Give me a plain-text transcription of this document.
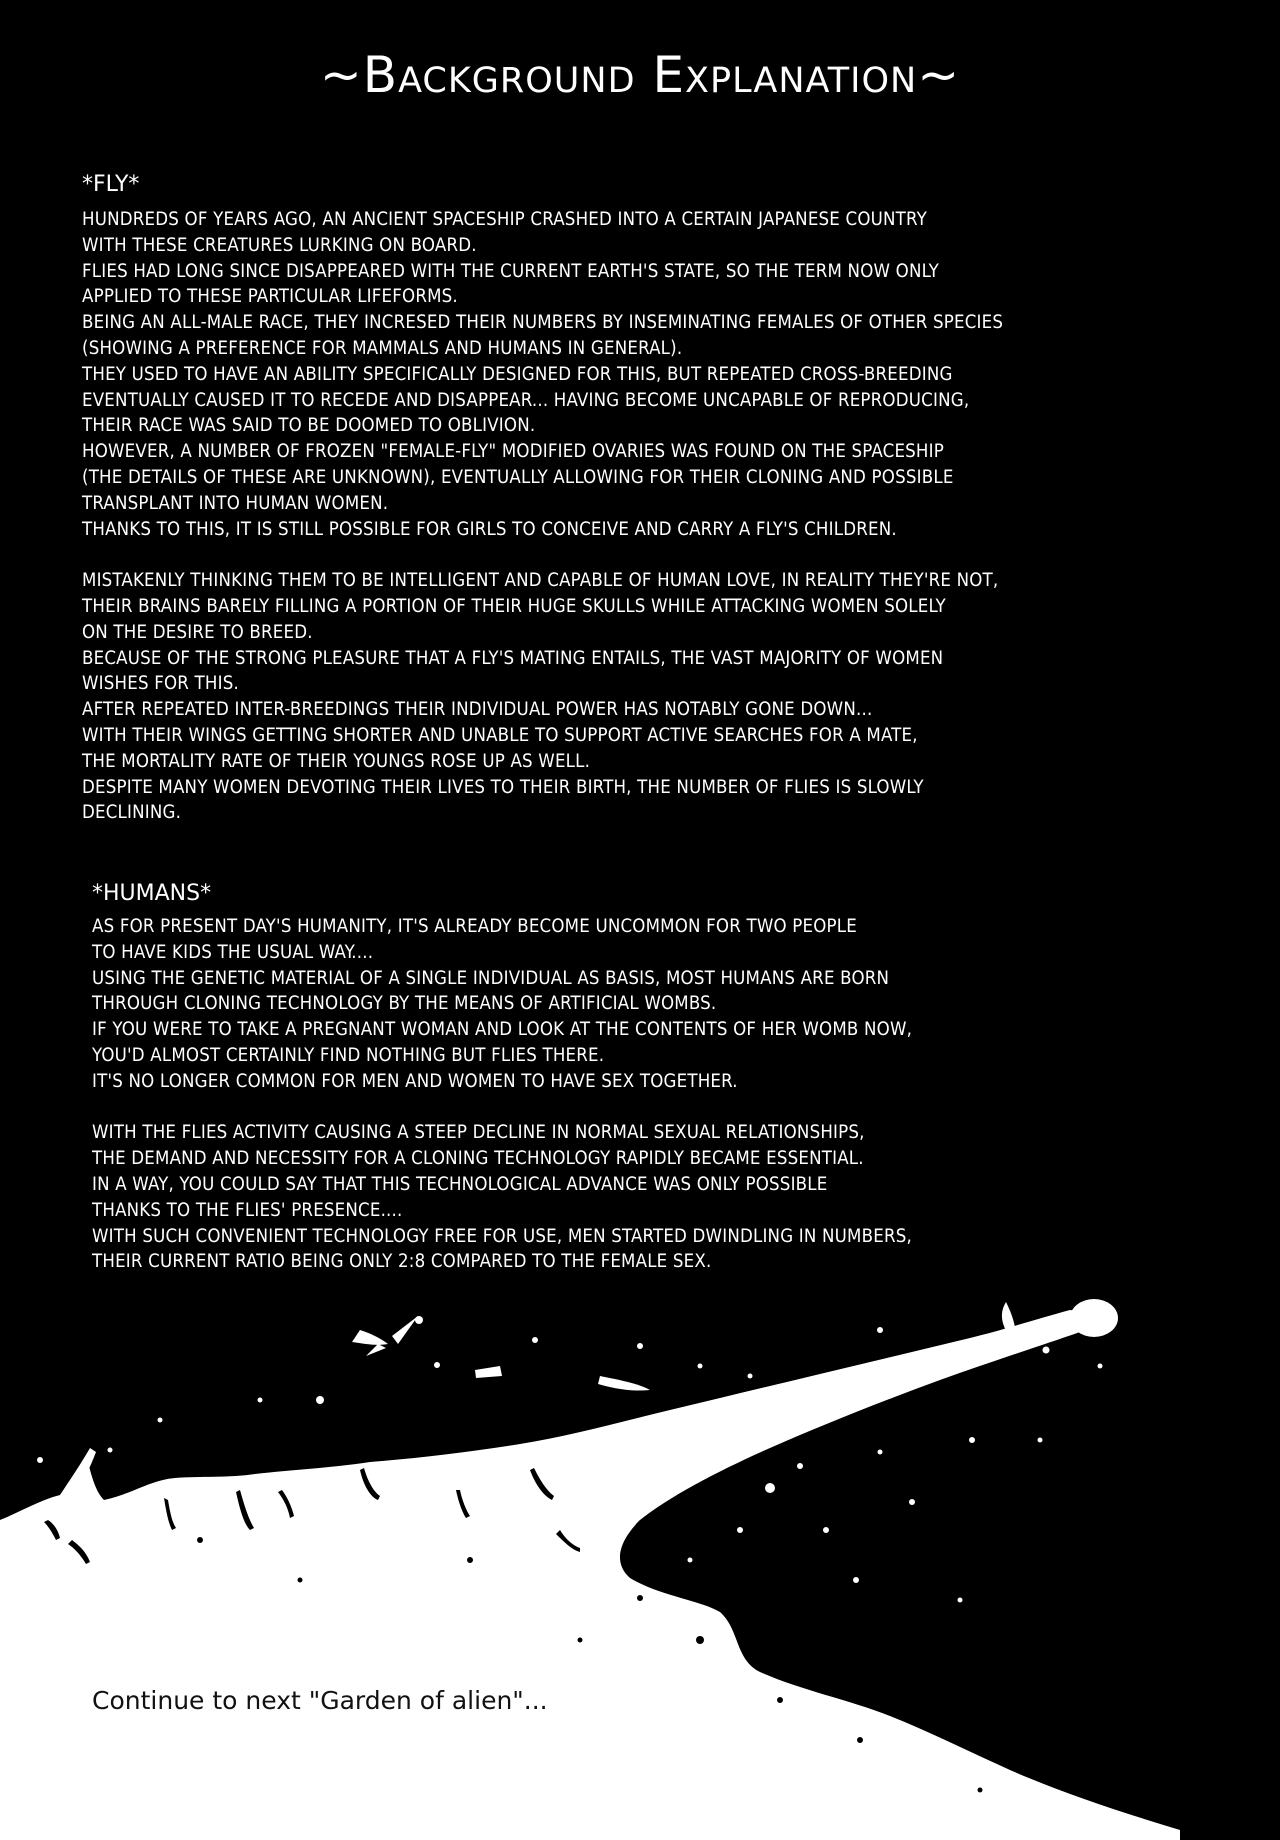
~Background Explanation~
*FLY*
HUNDREDS OF YEARS AGO, AN ANCIENT SPACESHIP CRASHED INTO A CERTAIN JAPANESE COUNTRY
WITH THESE CREATURES LURKING ON BOARD.
FLIES HAD LONG SINCE DISAPPEARED WITH THE CURRENT EARTH'S STATE, SO THE TERM NOW ONLY
APPLIED TO THESE PARTICULAR LIFEFORMS.
BEING AN ALL-MALE RACE, THEY INCRESED THEIR NUMBERS BY INSEMINATING FEMALES OF OTHER SPECIES
(SHOWING A PREFERENCE FOR MAMMALS AND HUMANS IN GENERAL).
THEY USED TO HAVE AN ABILITY SPECIFICALLY DESIGNED FOR THIS, BUT REPEATED CROSS-BREEDING
EVENTUALLY CAUSED IT TO RECEDE AND DISAPPEAR... HAVING BECOME UNCAPABLE OF REPRODUCING,
THEIR RACE WAS SAID TO BE DOOMED TO OBLIVION.
HOWEVER, A NUMBER OF FROZEN "FEMALE-FLY" MODIFIED OVARIES WAS FOUND ON THE SPACESHIP
(THE DETAILS OF THESE ARE UNKNOWN), EVENTUALLY ALLOWING FOR THEIR CLONING AND POSSIBLE
TRANSPLANT INTO HUMAN WOMEN.
THANKS TO THIS, IT IS STILL POSSIBLE FOR GIRLS TO CONCEIVE AND CARRY A FLY'S CHILDREN.
MISTAKENLY THINKING THEM TO BE INTELLIGENT AND CAPABLE OF HUMAN LOVE, IN REALITY THEY'RE NOT,
THEIR BRAINS BARELY FILLING A PORTION OF THEIR HUGE SKULLS WHILE ATTACKING WOMEN SOLELY
ON THE DESIRE TO BREED.
BECAUSE OF THE STRONG PLEASURE THAT A FLY'S MATING ENTAILS, THE VAST MAJORITY OF WOMEN
WISHES FOR THIS.
AFTER REPEATED INTER-BREEDINGS THEIR INDIVIDUAL POWER HAS NOTABLY GONE DOWN...
WITH THEIR WINGS GETTING SHORTER AND UNABLE TO SUPPORT ACTIVE SEARCHES FOR A MATE,
THE MORTALITY RATE OF THEIR YOUNGS ROSE UP AS WELL.
DESPITE MANY WOMEN DEVOTING THEIR LIVES TO THEIR BIRTH, THE NUMBER OF FLIES IS SLOWLY
DECLINING.
*HUMANS*
AS FOR PRESENT DAY'S HUMANITY, IT'S ALREADY BECOME UNCOMMON FOR TWO PEOPLE
TO HAVE KIDS THE USUAL WAY....
USING THE GENETIC MATERIAL OF A SINGLE INDIVIDUAL AS BASIS, MOST HUMANS ARE BORN
THROUGH CLONING TECHNOLOGY BY THE MEANS OF ARTIFICIAL WOMBS.
IF YOU WERE TO TAKE A PREGNANT WOMAN AND LOOK AT THE CONTENTS OF HER WOMB NOW,
YOU'D ALMOST CERTAINLY FIND NOTHING BUT FLIES THERE.
IT'S NO LONGER COMMON FOR MEN AND WOMEN TO HAVE SEX TOGETHER.
WITH THE FLIES ACTIVITY CAUSING A STEEP DECLINE IN NORMAL SEXUAL RELATIONSHIPS,
THE DEMAND AND NECESSITY FOR A CLONING TECHNOLOGY RAPIDLY BECAME ESSENTIAL.
IN A WAY, YOU COULD SAY THAT THIS TECHNOLOGICAL ADVANCE WAS ONLY POSSIBLE
THANKS TO THE FLIES' PRESENCE....
WITH SUCH CONVENIENT TECHNOLOGY FREE FOR USE, MEN STARTED DWINDLING IN NUMBERS,
THEIR CURRENT RATIO BEING ONLY 2:8 COMPARED TO THE FEMALE SEX.
Continue to next "Garden of alien"...
25
